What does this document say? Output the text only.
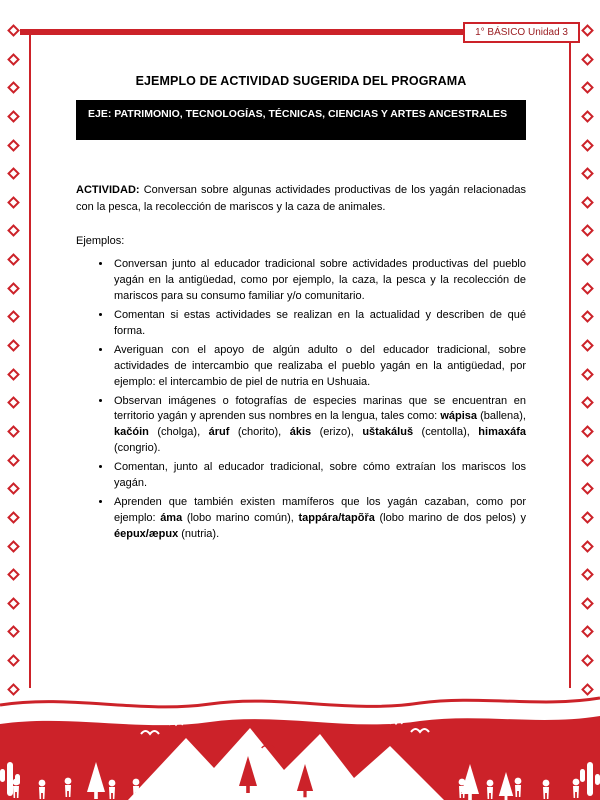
1° BÁSICO Unidad 3
EJEMPLO DE ACTIVIDAD SUGERIDA DEL PROGRAMA
EJE: PATRIMONIO, TECNOLOGÍAS, TÉCNICAS, CIENCIAS Y ARTES ANCESTRALES

ACTIVIDAD: Conversan sobre algunas actividades productivas de los yagán relacionadas con la pesca, la recolección de mariscos y la caza de animales.

Ejemplos:

• Conversan junto al educador tradicional sobre actividades productivas del pueblo yagán en la antigüedad, como por ejemplo, la caza, la pesca y la recolección de mariscos para su consumo familiar y/o comunitario.
• Comentan si estas actividades se realizan en la actualidad y describen de qué forma.
• Averiguan con el apoyo de algún adulto o del educador tradicional, sobre actividades de intercambio que realizaba el pueblo yagán en la antigüedad, por ejemplo: el intercambio de piel de nutria en Ushuaia.
• Observan imágenes o fotografías de especies marinas que se encuentran en territorio yagán y aprenden sus nombres en la lengua, tales como: wápisa (ballena), kačóin (cholga), áruf (chorito), ákis (erizo), uštakáluš (centolla), himaxáfa (congrio).
• Comentan, junto al educador tradicional, sobre cómo extraían los mariscos los yagán.
• Aprenden que también existen mamíferos que los yagán cazaban, como por ejemplo: áma (lobo marino común), tappára/tapõřa (lobo marino de dos pelos) y éepux/æpux (nutria).
